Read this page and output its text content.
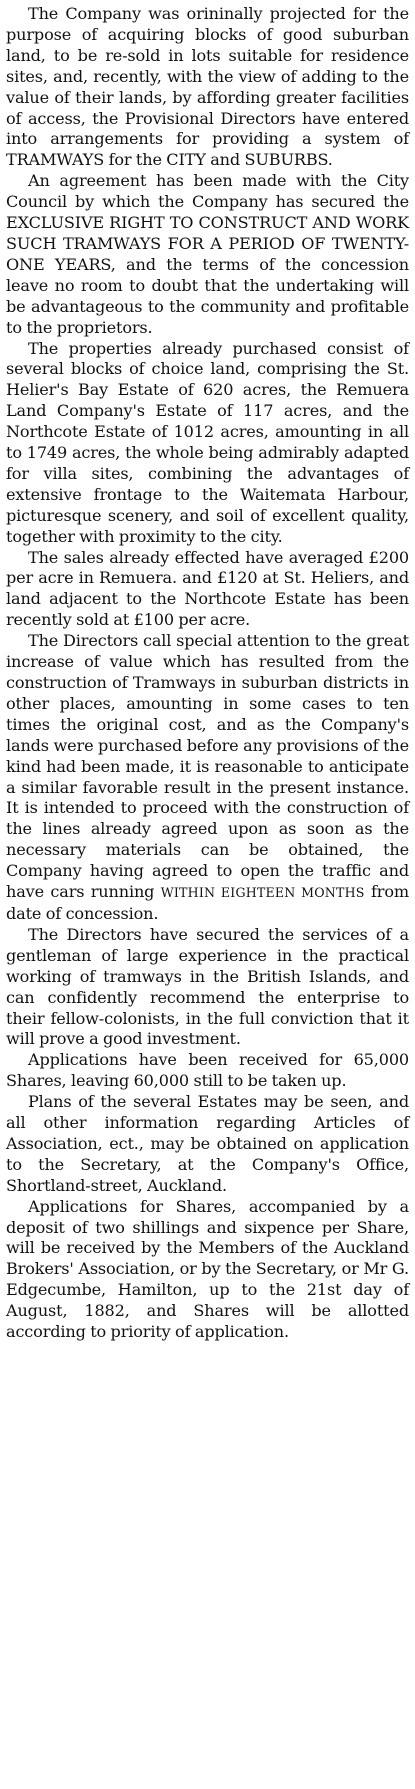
The Company was orininally projected for the purpose of acquiring blocks of good suburban land, to be re-sold in lots suitable for residence sites, and, recently, with the view of adding to the value of their lands, by affording greater facilities of access, the Provisional Directors have entered into arrangements for providing a system of TRAMWAYS for the CITY and SUBURBS.

An agreement has been made with the City Council by which the Company has secured the EXCLUSIVE RIGHT TO CONSTRUCT AND WORK SUCH TRAMWAYS FOR A PERIOD OF TWENTY-ONE YEARS, and the terms of the concession leave no room to doubt that the undertaking will be advantageous to the community and profitable to the proprietors.

The properties already purchased consist of several blocks of choice land, comprising the St. Helier's Bay Estate of 620 acres, the Remuera Land Company's Estate of 117 acres, and the Northcote Estate of 1012 acres, amounting in all to 1749 acres, the whole being admirably adapted for villa sites, combining the advantages of extensive frontage to the Waitemata Harbour, picturesque scenery, and soil of excellent quality, together with proximity to the city.

The sales already effected have averaged £200 per acre in Remuera. and £120 at St. Heliers, and land adjacent to the Northcote Estate has been recently sold at £100 per acre.

The Directors call special attention to the great increase of value which has resulted from the construction of Tramways in suburban districts in other places, amounting in some cases to ten times the original cost, and as the Company's lands were purchased before any provisions of the kind had been made, it is reasonable to anticipate a similar favorable result in the present instance. It is intended to proceed with the construction of the lines already agreed upon as soon as the necessary materials can be obtained, the Company having agreed to open the traffic and have cars running WITHIN EIGHTEEN MONTHS from date of concession.

The Directors have secured the services of a gentleman of large experience in the practical working of tramways in the British Islands, and can confidently recommend the enterprise to their fellow-colonists, in the full conviction that it will prove a good investment.

Applications have been received for 65,000 Shares, leaving 60,000 still to be taken up.

Plans of the several Estates may be seen, and all other information regarding Articles of Association, ect., may be obtained on application to the Secretary, at the Company's Office, Shortland-street, Auckland.

Applications for Shares, accompanied by a deposit of two shillings and sixpence per Share, will be received by the Members of the Auckland Brokers' Association, or by the Secretary, or Mr G. Edgecumbe, Hamilton, up to the 21st day of August, 1882, and Shares will be allotted according to priority of application.
